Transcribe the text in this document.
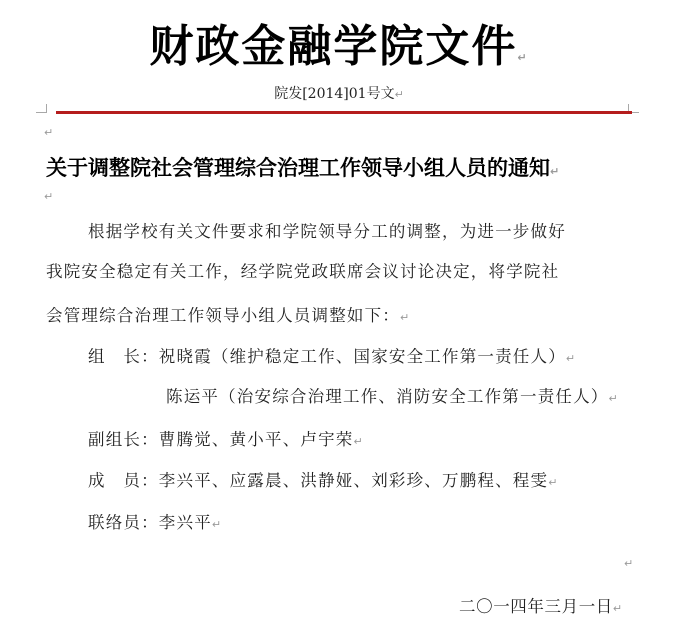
财政金融学院文件↵
院发[2014]01号文↵
↵
关于调整院社会管理综合治理工作领导小组人员的通知↵
↵
根据学校有关文件要求和学院领导分工的调整，为进一步做好
我院安全稳定有关工作，经学院党政联席会议讨论决定，将学院社
会管理综合治理工作领导小组人员调整如下：↵
组　长：祝晓霞（维护稳定工作、国家安全工作第一责任人）↵
陈运平（治安综合治理工作、消防安全工作第一责任人）↵
副组长：曹腾觉、黄小平、卢宇荣↵
成　员：李兴平、应露晨、洪静娅、刘彩珍、万鹏程、程雯↵
联络员：李兴平↵
↵
二〇一四年三月一日↵
